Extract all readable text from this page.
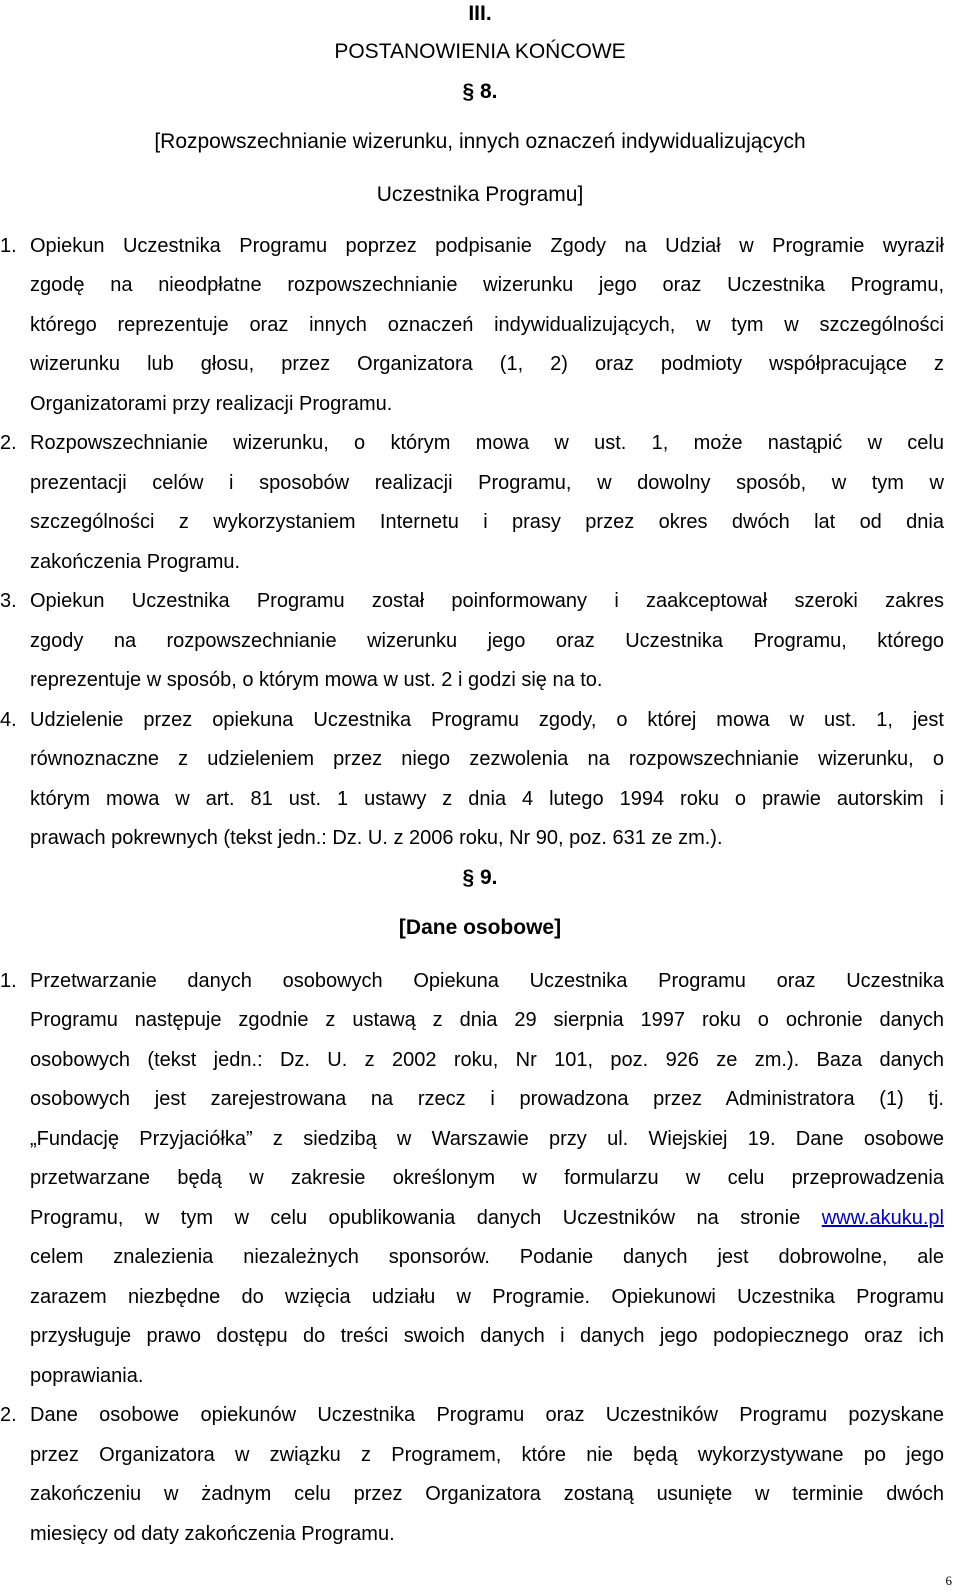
III.
POSTANOWIENIA KOŃCOWE
§ 8.
[Rozpowszechnianie wizerunku, innych oznaczeń indywidualizujących
Uczestnika Programu]
1. Opiekun Uczestnika Programu poprzez podpisanie Zgody na Udział w Programie wyraził
zgodę na nieodpłatne rozpowszechnianie wizerunku jego oraz Uczestnika Programu,
którego reprezentuje oraz innych oznaczeń indywidualizujących, w tym w szczególności
wizerunku lub głosu, przez Organizatora (1, 2) oraz podmioty współpracujące z
Organizatorami przy realizacji Programu.
2. Rozpowszechnianie wizerunku, o którym mowa w ust. 1, może nastąpić w celu
prezentacji celów i sposobów realizacji Programu, w dowolny sposób, w tym w
szczególności z wykorzystaniem Internetu i prasy przez okres dwóch lat od dnia
zakończenia Programu.
3. Opiekun Uczestnika Programu został poinformowany i zaakceptował szeroki zakres
zgody na rozpowszechnianie wizerunku jego oraz Uczestnika Programu, którego
reprezentuje w sposób, o którym mowa w ust. 2 i godzi się na to.
4. Udzielenie przez opiekuna Uczestnika Programu zgody, o której mowa w ust. 1, jest
równoznaczne z udzieleniem przez niego zezwolenia na rozpowszechnianie wizerunku, o
którym mowa w art. 81 ust. 1 ustawy z dnia 4 lutego 1994 roku o prawie autorskim i
prawach pokrewnych (tekst jedn.: Dz. U. z 2006 roku, Nr 90, poz. 631 ze zm.).
§ 9.
[Dane osobowe]
1. Przetwarzanie danych osobowych Opiekuna Uczestnika Programu oraz Uczestnika
Programu następuje zgodnie z ustawą z dnia 29 sierpnia 1997 roku o ochronie danych
osobowych (tekst jedn.: Dz. U. z 2002 roku, Nr 101, poz. 926 ze zm.). Baza danych
osobowych jest zarejestrowana na rzecz i prowadzona przez Administratora (1) tj.
„Fundację Przyjaciółka” z siedzibą w Warszawie przy ul. Wiejskiej 19. Dane osobowe
przetwarzane będą w zakresie określonym w formularzu w celu przeprowadzenia
Programu, w tym w celu opublikowania danych Uczestników na stronie www.akuku.pl
celem znalezienia niezależnych sponsorów. Podanie danych jest dobrowolne, ale
zarazem niezbędne do wzięcia udziału w Programie. Opiekunowi Uczestnika Programu
przysługuje prawo dostępu do treści swoich danych i danych jego podopiecznego oraz ich
poprawiania.
2. Dane osobowe opiekunów Uczestnika Programu oraz Uczestników Programu pozyskane
przez Organizatora w związku z Programem, które nie będą wykorzystywane po jego
zakończeniu w żadnym celu przez Organizatora zostaną usunięte w terminie dwóch
miesięcy od daty zakończenia Programu.
6
